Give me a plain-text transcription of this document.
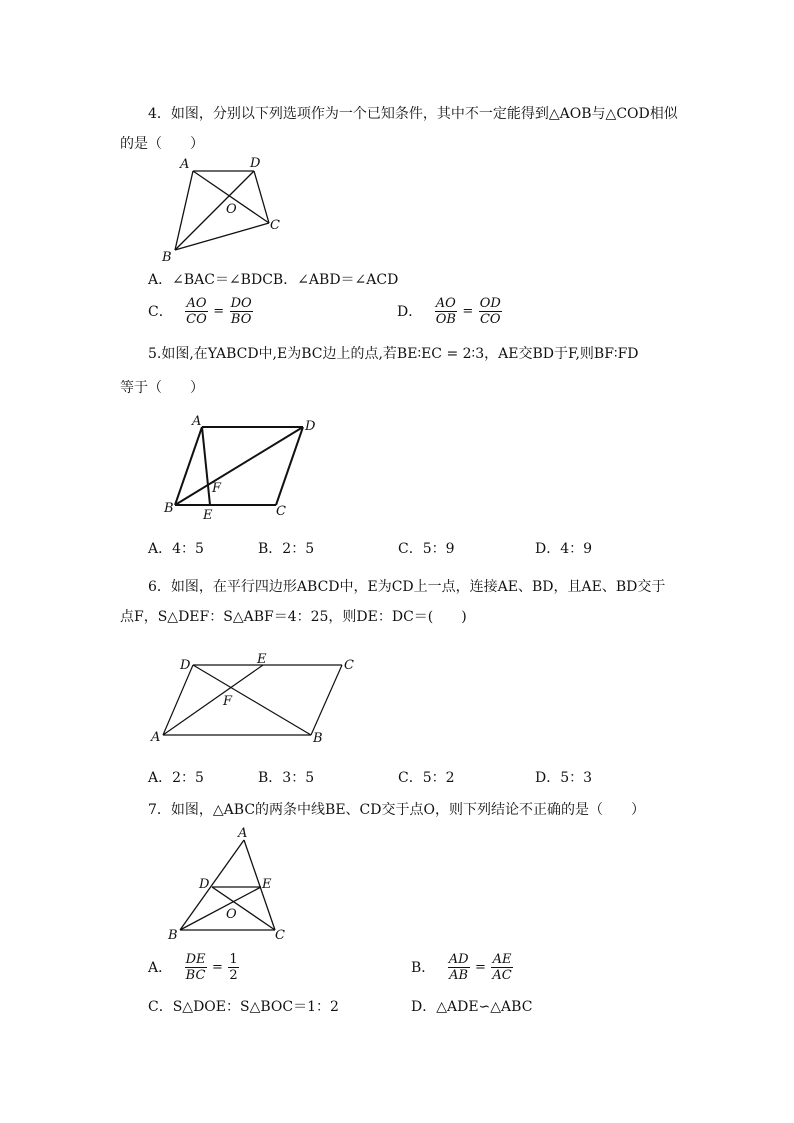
4．如图，分别以下列选项作为一个已知条件，其中不一定能得到△AOB与△COD相似
的是（　　）
A	D
O
C
B
A．∠BAC＝∠BDCB．∠ABD＝∠ACD
C． $\frac{AO}{CO} = \frac{DO}{BO}$	D． $\frac{AO}{OB} = \frac{OD}{CO}$
5.如图,在YABCD中,E为BC边上的点,若BE∶EC = 2∶3，AE交BD于F,则BF∶FD
等于（　　）
A	D
F
B E	C
A．4：5	B．2：5	C．5：9	D．4：9
6．如图，在平行四边形ABCD中，E为CD上一点，连接AE、BD，且AE、BD交于
点F，S△DEF：S△ABF＝4：25，则DE：DC＝(　　)
D	E	C
F
A	B
A．2：5	B．3：5	C．5：2	D．5：3
7．如图，△ABC的两条中线BE、CD交于点O，则下列结论不正确的是（　　）
A
D	E
O
B	C
A． $\frac{DE}{BC} = \frac{1}{2}$	B． $\frac{AD}{AB} = \frac{AE}{AC}$
C．S△DOE：S△BOC＝1：2	D．△ADE∽△ABC
